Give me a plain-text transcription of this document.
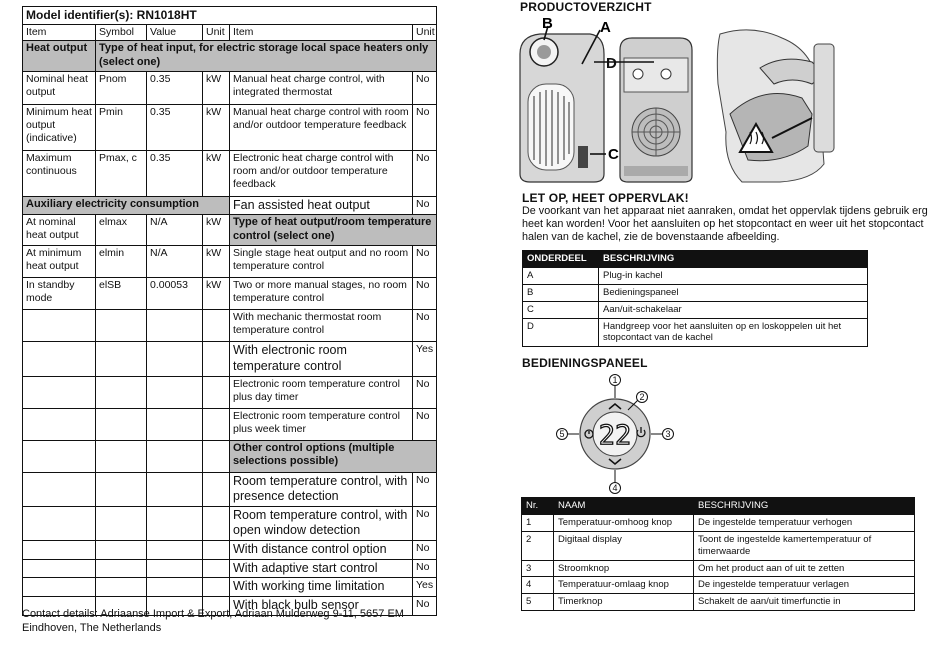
Model identifier(s): RN1018HT					
Item	Symbol	Value	Unit	Item	Unit
Heat output	Type of heat input, for electric storage local space heaters only (select one)				
Nominal heat output	Pnom	0.35	kW	Manual heat charge control, with integrated thermostat	No
Minimum heat output (indicative)	Pmin	0.35	kW	Manual heat charge control with room and/or outdoor temperature feedback	No
Maximum continuous	Pmax, c	0.35	kW	Electronic heat charge control with room and/or outdoor temperature feedback	No
Auxiliary electricity consumption				Fan assisted heat output	No
At nominal heat output	elmax	N/A	kW	Type of heat output/room temperature control (select one)	
At minimum heat output	elmin	N/A	kW	Single stage heat output and no room temperature control	No
In standby mode	elSB	0.00053	kW	Two or more manual stages, no room temperature control	No
				With mechanic thermostat room temperature control	No
				With electronic room temperature control	Yes
				Electronic room temperature control plus day timer	No
				Electronic room temperature control plus week timer	No
				Other control options (multiple selections possible)	
				Room temperature control, with presence detection	No
				Room temperature control, with open window detection	No
				With distance control option	No
				With adaptive start control	No
				With working time limitation	Yes
				With black bulb sensor	No
Contact details: Adriaanse Import & Export, Adriaan Mulderweg 9-11, 5657 EM Eindhoven, The Netherlands
PRODUCTOVERZICHT
B	A
D
C
LET OP, HEET OPPERVLAK!
De voorkant van het apparaat niet aanraken, omdat het oppervlak tijdens gebruik erg heet kan worden! Voor het aansluiten op het stopcontact en weer uit het stopcontact halen van de kachel, zie de bovenstaande afbeelding.
ONDERDEEL	BESCHRIJVING
A	Plug-in kachel
B	Bedieningspaneel
C	Aan/uit-schakelaar
D	Handgreep voor het aansluiten op en loskoppelen uit het stopcontact van de kachel
BEDIENINGSPANEEL
22
1
2
3
4
5
Nr.	NAAM	BESCHRIJVING
1	Temperatuur-omhoog knop	De ingestelde temperatuur verhogen
2	Digitaal display	Toont de ingestelde kamertemperatuur of timerwaarde
3	Stroomknop	Om het product aan of uit te zetten
4	Temperatuur-omlaag knop	De ingestelde temperatuur verlagen
5	Timerknop	Schakelt de aan/uit timerfunctie in
